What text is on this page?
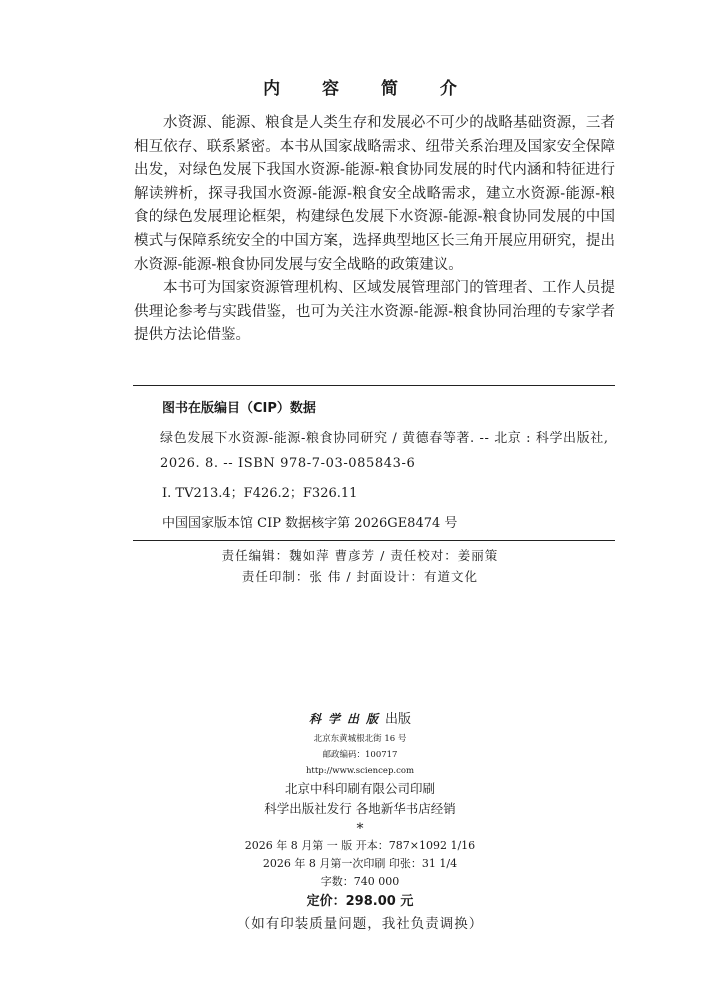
内 容 简 介

水资源、能源、粮食是人类生存和发展必不可少的战略基础资源，三者相互依存、联系紧密。本书从国家战略需求、纽带关系治理及国家安全保障出发，对绿色发展下我国水资源-能源-粮食协同发展的时代内涵和特征进行解读辨析，探寻我国水资源-能源-粮食安全战略需求，建立水资源-能源-粮食的绿色发展理论框架，构建绿色发展下水资源-能源-粮食协同发展的中国模式与保障系统安全的中国方案，选择典型地区长三角开展应用研究，提出水资源-能源-粮食协同发展与安全战略的政策建议。

本书可为国家资源管理机构、区域发展管理部门的管理者、工作人员提供理论参考与实践借鉴，也可为关注水资源-能源-粮食协同治理的专家学者提供方法论借鉴。

图书在版编目（CIP）数据
绿色发展下水资源-能源-粮食协同研究 / 黄德春等著. -- 北京 : 科学出版社, 2026. 8. -- ISBN 978-7-03-085843-6
Ⅰ. TV213.4；F426.2；F326.11
中国国家版本馆 CIP 数据核字第 2026GE8474 号
责任编辑：魏如萍 曹彦芳 / 责任校对：姜丽策
责任印制：张 伟 / 封面设计：有道文化
科学出版出版
北京东黄城根北街 16 号
邮政编码：100717
http://www.sciencep.com
北京中科印刷有限公司印刷
科学出版社发行 各地新华书店经销
*
2026 年 8 月第 一 版 开本：787×1092 1/16
2026 年 8 月第一次印刷 印张：31 1/4
字数：740 000
定价：298.00 元
（如有印装质量问题，我社负责调换）
